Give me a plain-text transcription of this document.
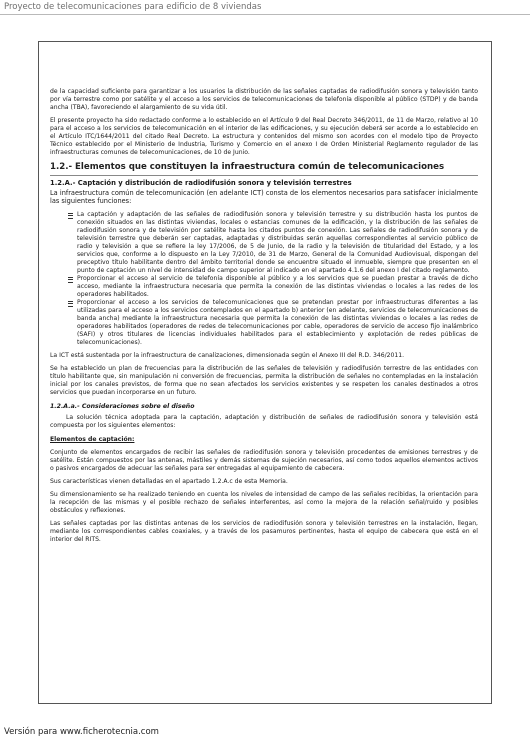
Proyecto de telecomunicaciones para edificio de 8 viviendas

de la capacidad suficiente para garantizar a los usuarios la distribución de las señales captadas de radiodifusión sonora y televisión tanto por vía terrestre como por satélite y el acceso a los servicios de telecomunicaciones de telefonía disponible al público (STDP) y de banda ancha (TBA), favoreciendo el alargamiento de su vida útil.

El presente proyecto ha sido redactado conforme a lo establecido en el Artículo 9 del Real Decreto 346/2011, de 11 de Marzo, relativo al 10 para el acceso a los servicios de telecomunicación en el interior de las edificaciones, y su ejecución deberá ser acorde a lo establecido en el Artículo ITC/1644/2011 del citado Real Decreto. La estructura y contenidos del mismo son acordes con el modelo tipo de Proyecto Técnico establecido por el Ministerio de Industria, Turismo y Comercio en el anexo I de Orden Ministerial Reglamento regulador de las infraestructuras comunes de telecomunicaciones, de 10 de Junio.

1.2.- Elementos que constituyen la infraestructura común de telecomunicaciones
1.2.A.- Captación y distribución de radiodifusión sonora y televisión terrestres

La infraestructura común de telecomunicación (en adelante ICT) consta de los elementos necesarios para satisfacer inicialmente las siguientes funciones:

La captación y adaptación de las señales de radiodifusión sonora y televisión terrestre y su distribución hasta los puntos de conexión situados en las distintas viviendas, locales o estancias comunes de la edificación, y la distribución de las señales de radiodifusión sonora y de televisión por satélite hasta los citados puntos de conexión. Las señales de radiodifusión sonora y de televisión terrestre que deberán ser captadas, adaptadas y distribuidas serán aquellas correspondientes al servicio público de radio y televisión a que se refiere la ley 17/2006, de 5 de Junio, de la radio y la televisión de titularidad del Estado, y a los servicios que, conforme a lo dispuesto en la Ley 7/2010, de 31 de Marzo, General de la Comunidad Audiovisual, dispongan del preceptivo título habilitante dentro del ámbito territorial donde se encuentre situado el inmueble, siempre que presenten en el punto de captación un nivel de intensidad de campo superior al indicado en el apartado 4.1.6 del anexo I del citado reglamento.
Proporcionar el acceso al servicio de telefonía disponible al público y a los servicios que se puedan prestar a través de dicho acceso, mediante la infraestructura necesaria que permita la conexión de las distintas viviendas o locales a las redes de los operadores habilitados.
Proporcionar el acceso a los servicios de telecomunicaciones que se pretendan prestar por infraestructuras diferentes a las utilizadas para el acceso a los servicios contemplados en el apartado b) anterior (en adelante, servicios de telecomunicaciones de banda ancha) mediante la infraestructura necesaria que permita la conexión de las distintas viviendas o locales a las redes de operadores habilitados (operadores de redes de telecomunicaciones por cable, operadores de servicio de acceso fijo inalámbrico (SAFI) y otros titulares de licencias individuales habilitados para el establecimiento y explotación de redes públicas de telecomunicaciones).

La ICT está sustentada por la infraestructura de canalizaciones, dimensionada según el Anexo III del R.D. 346/2011.

Se ha establecido un plan de frecuencias para la distribución de las señales de televisión y radiodifusión terrestre de las entidades con título habilitante que, sin manipulación ni conversión de frecuencias, permita la distribución de señales no contempladas en la instalación inicial por los canales previstos, de forma que no sean afectados los servicios existentes y se respeten los canales destinados a otros servicios que puedan incorporarse en un futuro.

1.2.A.a.- Consideraciones sobre el diseño

La solución técnica adoptada para la captación, adaptación y distribución de señales de radiodifusión sonora y televisión está compuesta por los siguientes elementos:

Elementos de captación:

Conjunto de elementos encargados de recibir las señales de radiodifusión sonora y televisión procedentes de emisiones terrestres y de satélite. Están compuestos por las antenas, mástiles y demás sistemas de sujeción necesarios, así como todos aquellos elementos activos o pasivos encargados de adecuar las señales para ser entregadas al equipamiento de cabecera.

Sus características vienen detalladas en el apartado 1.2.A.c de esta Memoria.

Su dimensionamiento se ha realizado teniendo en cuenta los niveles de intensidad de campo de las señales recibidas, la orientación para la recepción de las mismas y el posible rechazo de señales interferentes, así como la mejora de la relación señal/ruido y posibles obstáculos y reflexiones.

Las señales captadas por las distintas antenas de los servicios de radiodifusión sonora y televisión terrestres en la instalación, llegan, mediante los correspondientes cables coaxiales, y a través de los pasamuros pertinentes, hasta el equipo de cabecera que está en el interior del RITS.

Versión para www.ficherotecnia.com
